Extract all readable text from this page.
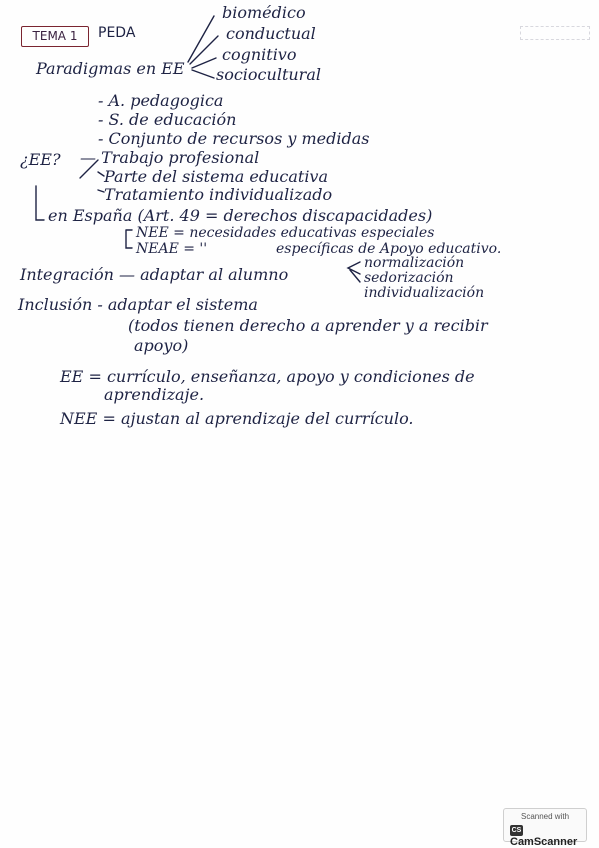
TEMA 1	PEDA
Paradigmas en EE
biomédico
conductual
cognitivo
sociocultural
- A. pedagogica
- S. de educación
- Conjunto de recursos y medidas
¿EE? — Trabajo profesional
Parte del sistema educativa
Tratamiento individualizado
en España (Art. 49 = derechos discapacidades)
NEE = necesidades educativas especiales
NEAE = ''	específicas de Apoyo educativo.
Integración — adaptar al alumno
normalización
sedorización
individualización
Inclusión - adaptar el sistema
(todos tienen derecho a aprender y a recibir
apoyo)
EE = currículo, enseñanza, apoyo y condiciones de
aprendizaje.
NEE = ajustan al aprendizaje del currículo.
Scanned with
CSCamScanner
